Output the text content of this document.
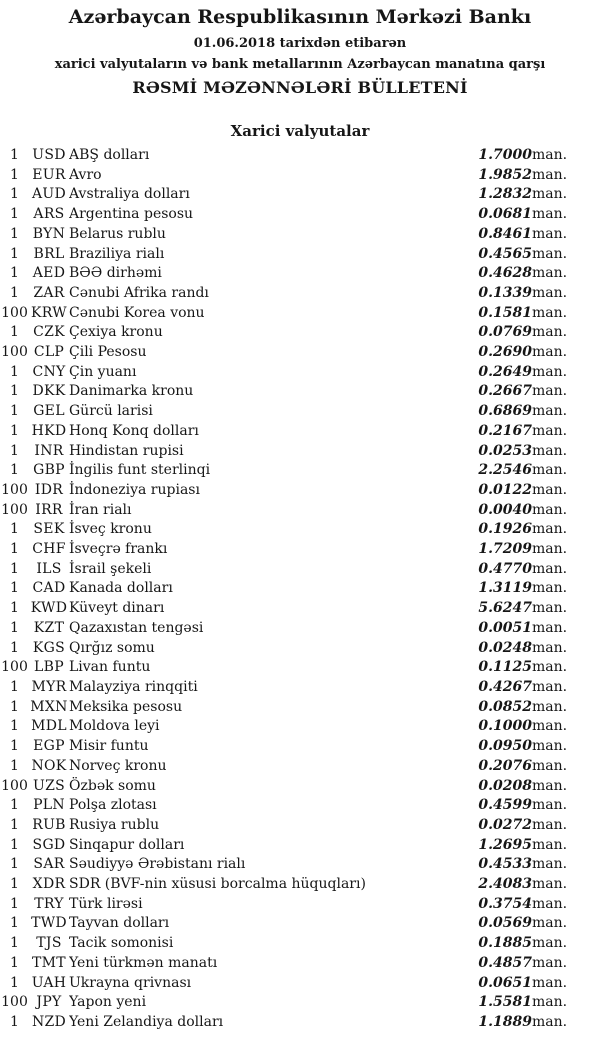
Azərbaycan Respublikasının Mərkəzi Bankı
01.06.2018 tarixdən etibarən
xarici valyutaların və bank metallarının Azərbaycan manatına qarşı
RƏSMİ MƏZƏNNƏLƏRİ BÜLLETENİ
Xarici valyutalar
1	USD	ABŞ dolları	1.7000	man.
1	EUR	Avro	1.9852	man.
1	AUD	Avstraliya dolları	1.2832	man.
1	ARS	Argentina pesosu	0.0681	man.
1	BYN	Belarus rublu	0.8461	man.
1	BRL	Braziliya rialı	0.4565	man.
1	AED	BƏƏ dirhəmi	0.4628	man.
1	ZAR	Cənubi Afrika randı	0.1339	man.
100	KRW	Cənubi Korea vonu	0.1581	man.
1	CZK	Çexiya kronu	0.0769	man.
100	CLP	Çili Pesosu	0.2690	man.
1	CNY	Çin yuanı	0.2649	man.
1	DKK	Danimarka kronu	0.2667	man.
1	GEL	Gürcü larisi	0.6869	man.
1	HKD	Honq Konq dolları	0.2167	man.
1	INR	Hindistan rupisi	0.0253	man.
1	GBP	İngilis funt sterlinqi	2.2546	man.
100	IDR	İndoneziya rupiası	0.0122	man.
100	IRR	İran rialı	0.0040	man.
1	SEK	İsveç kronu	0.1926	man.
1	CHF	İsveçrə frankı	1.7209	man.
1	ILS	İsrail şekeli	0.4770	man.
1	CAD	Kanada dolları	1.3119	man.
1	KWD	Küveyt dinarı	5.6247	man.
1	KZT	Qazaxıstan tengəsi	0.0051	man.
1	KGS	Qırğız somu	0.0248	man.
100	LBP	Livan funtu	0.1125	man.
1	MYR	Malayziya rinqqiti	0.4267	man.
1	MXN	Meksika pesosu	0.0852	man.
1	MDL	Moldova leyi	0.1000	man.
1	EGP	Misir funtu	0.0950	man.
1	NOK	Norveç kronu	0.2076	man.
100	UZS	Özbək somu	0.0208	man.
1	PLN	Polşa zlotası	0.4599	man.
1	RUB	Rusiya rublu	0.0272	man.
1	SGD	Sinqapur dolları	1.2695	man.
1	SAR	Səudiyyə Ərəbistanı rialı	0.4533	man.
1	XDR	SDR (BVF-nin xüsusi borcalma hüquqları)	2.4083	man.
1	TRY	Türk lirəsi	0.3754	man.
1	TWD	Tayvan dolları	0.0569	man.
1	TJS	Tacik somonisi	0.1885	man.
1	TMT	Yeni türkmən manatı	0.4857	man.
1	UAH	Ukrayna qrivnası	0.0651	man.
100	JPY	Yapon yeni	1.5581	man.
1	NZD	Yeni Zelandiya dolları	1.1889	man.
